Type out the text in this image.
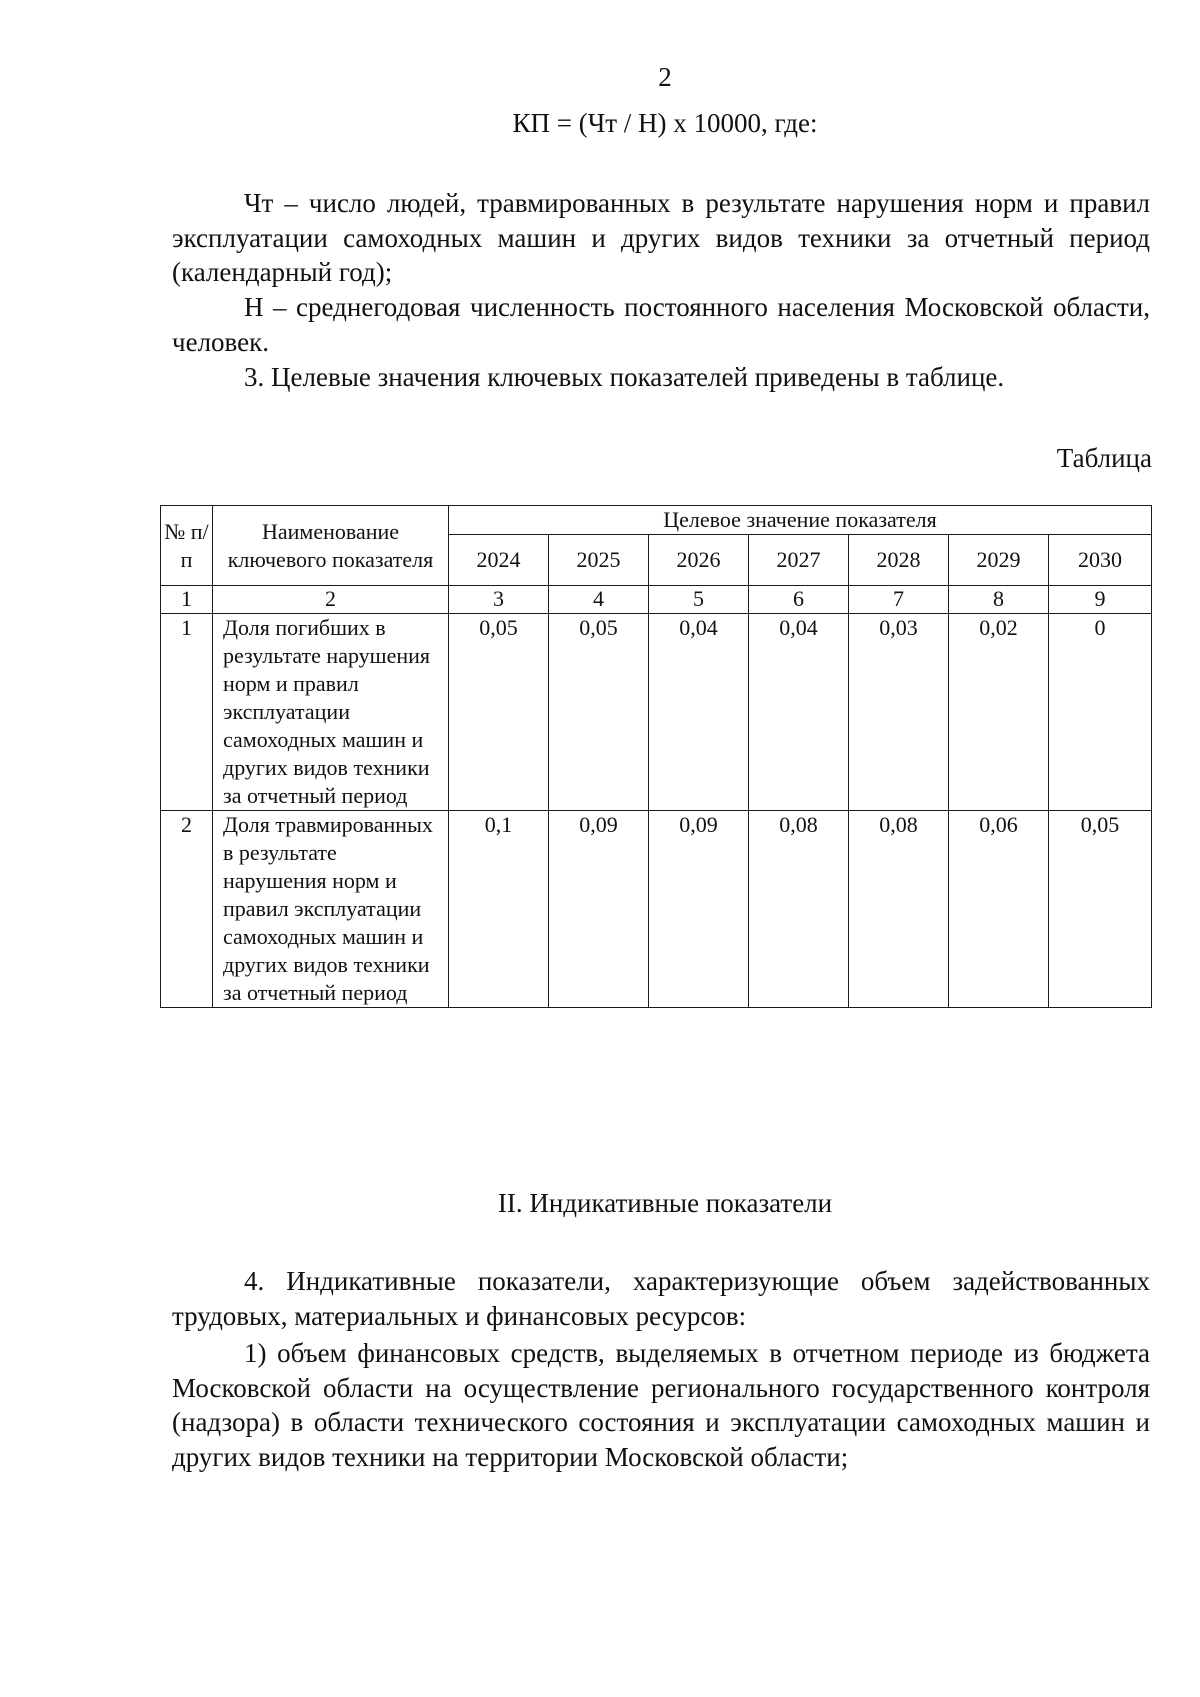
2
КП = (Чт / Н) х 10000, где:
Чт – число людей, травмированных в результате нарушения норм и правил эксплуатации самоходных машин и других видов техники за отчетный период (календарный год);
Н – среднегодовая численность постоянного населения Московской области, человек.
3. Целевые значения ключевых показателей приведены в таблице.
Таблица
№ п/п	Наименование ключевого показателя	Целевое значение показателя						
		2024	2025	2026	2027	2028	2029	2030
1	2	3	4	5	6	7	8	9
1	Доля погибших в результате нарушения норм и правил эксплуатации самоходных машин и других видов техники за отчетный период	0,05	0,05	0,04	0,04	0,03	0,02	0
2	Доля травмированных в результате нарушения норм и правил эксплуатации самоходных машин и других видов техники за отчетный период	0,1	0,09	0,09	0,08	0,08	0,06	0,05
II. Индикативные показатели
4. Индикативные показатели, характеризующие объем задействованных трудовых, материальных и финансовых ресурсов:
1) объем финансовых средств, выделяемых в отчетном периоде из бюджета Московской области на осуществление регионального государственного контроля (надзора) в области технического состояния и эксплуатации самоходных машин и других видов техники на территории Московской области;
